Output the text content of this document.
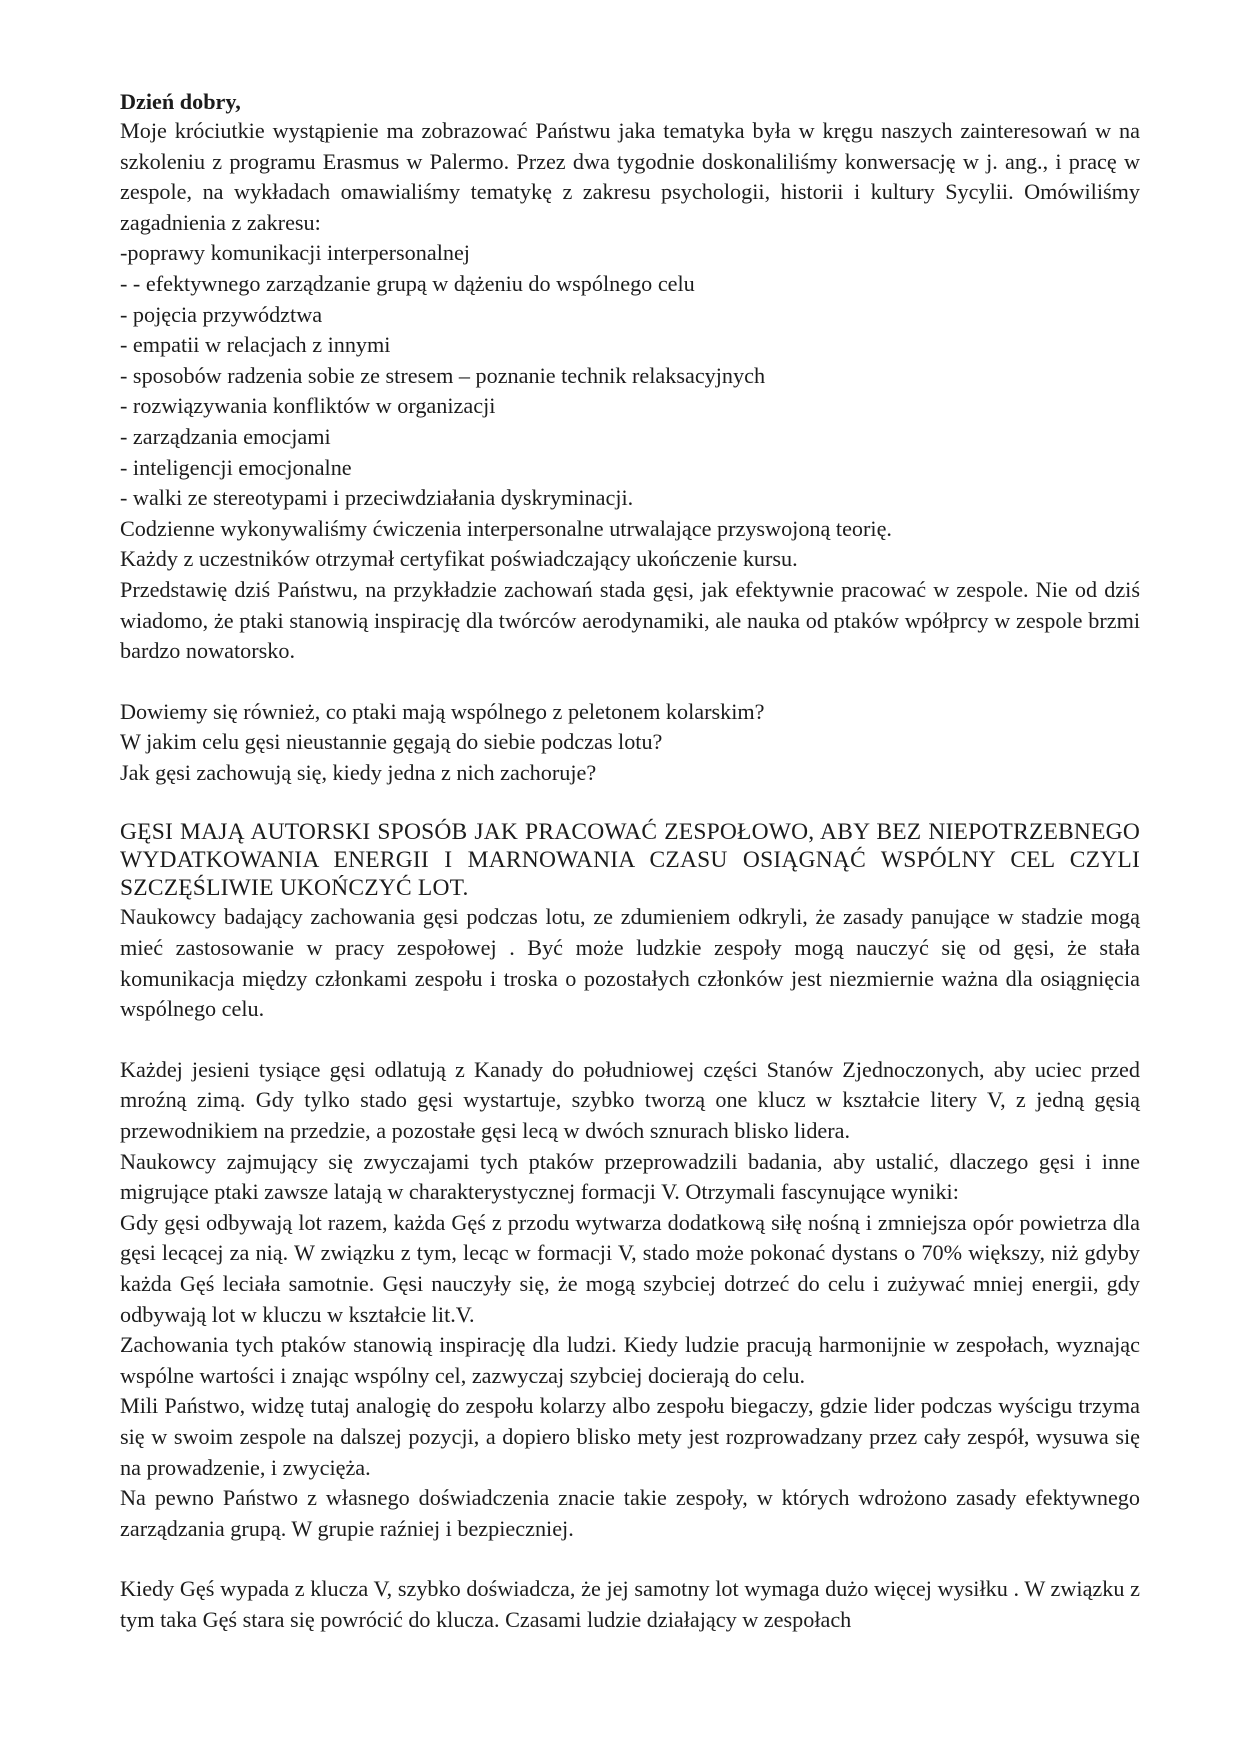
Dzień dobry,

Moje króciutkie wystąpienie ma zobrazować Państwu jaka tematyka była w kręgu naszych zainteresowań w na szkoleniu z programu Erasmus w Palermo. Przez dwa tygodnie doskonaliliśmy konwersację w j. ang., i pracę w zespole, na wykładach omawialiśmy tematykę z zakresu psychologii, historii i kultury Sycylii. Omówiliśmy zagadnienia z zakresu:

-poprawy komunikacji interpersonalnej

- - efektywnego zarządzanie grupą w dążeniu do wspólnego celu

- pojęcia przywództwa

- empatii w relacjach z innymi

- sposobów radzenia sobie ze stresem – poznanie technik relaksacyjnych

- rozwiązywania konfliktów w organizacji

- zarządzania emocjami

- inteligencji emocjonalne

- walki ze stereotypami i przeciwdziałania dyskryminacji.

Codzienne wykonywaliśmy ćwiczenia interpersonalne utrwalające przyswojoną teorię.

Każdy z uczestników otrzymał certyfikat poświadczający ukończenie kursu.

Przedstawię dziś Państwu, na przykładzie zachowań stada gęsi, jak efektywnie pracować w zespole. Nie od dziś wiadomo, że ptaki stanowią inspirację dla twórców aerodynamiki, ale nauka od ptaków wpółprcy w zespole brzmi bardzo nowatorsko.

Dowiemy się również, co ptaki mają wspólnego z peletonem kolarskim?

W jakim celu gęsi nieustannie gęgają do siebie podczas lotu?

Jak gęsi zachowują się, kiedy jedna z nich zachoruje?

GĘSI MAJĄ AUTORSKI SPOSÓB JAK PRACOWAĆ ZESPOŁOWO, ABY BEZ NIEPOTRZEBNEGO WYDATKOWANIA ENERGII I MARNOWANIA CZASU OSIĄGNĄĆ WSPÓLNY CEL CZYLI SZCZĘŚLIWIE UKOŃCZYĆ LOT.

Naukowcy badający zachowania gęsi podczas lotu, ze zdumieniem odkryli, że zasady panujące w stadzie mogą mieć zastosowanie w pracy zespołowej . Być może ludzkie zespoły mogą nauczyć się od gęsi, że stała komunikacja między członkami zespołu i troska o pozostałych członków jest niezmiernie ważna dla osiągnięcia wspólnego celu.

Każdej jesieni tysiące gęsi odlatują z Kanady do południowej części Stanów Zjednoczonych, aby uciec przed mroźną zimą. Gdy tylko stado gęsi wystartuje, szybko tworzą one klucz w kształcie litery V, z jedną gęsią przewodnikiem na przedzie, a pozostałe gęsi lecą w dwóch sznurach blisko lidera.

Naukowcy zajmujący się zwyczajami tych ptaków przeprowadzili badania, aby ustalić, dlaczego gęsi i inne migrujące ptaki zawsze latają w charakterystycznej formacji V. Otrzymali fascynujące wyniki:

Gdy gęsi odbywają lot razem, każda Gęś z przodu wytwarza dodatkową siłę nośną i zmniejsza opór powietrza dla gęsi lecącej za nią. W związku z tym, lecąc w formacji V, stado może pokonać dystans o 70% większy, niż gdyby każda Gęś leciała samotnie. Gęsi nauczyły się, że mogą szybciej dotrzeć do celu i zużywać mniej energii, gdy odbywają lot w kluczu w kształcie lit.V.

Zachowania tych ptaków stanowią inspirację dla ludzi. Kiedy ludzie pracują harmonijnie w zespołach, wyznając wspólne wartości i znając wspólny cel, zazwyczaj szybciej docierają do celu.

Mili Państwo, widzę tutaj analogię do zespołu kolarzy albo zespołu biegaczy, gdzie lider podczas wyścigu trzyma się w swoim zespole na dalszej pozycji, a dopiero blisko mety jest rozprowadzany przez cały zespół, wysuwa się na prowadzenie, i zwycięża.

Na pewno Państwo z własnego doświadczenia znacie takie zespoły, w których wdrożono zasady efektywnego zarządzania grupą. W grupie raźniej i bezpieczniej.

Kiedy Gęś wypada z klucza V, szybko doświadcza, że jej samotny lot wymaga dużo więcej wysiłku . W związku z tym taka Gęś stara się powrócić do klucza. Czasami ludzie działający w zespołach
